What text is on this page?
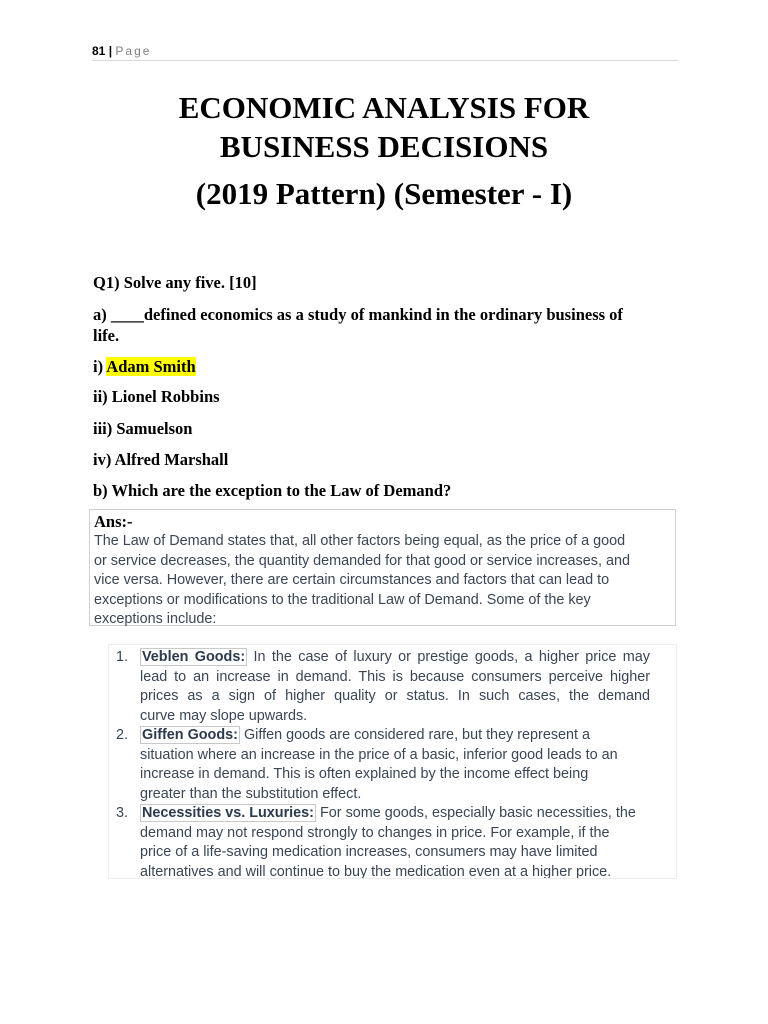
81 | Page
ECONOMIC ANALYSIS FOR
BUSINESS DECISIONS
(2019 Pattern) (Semester - I)
Q1) Solve any five. [10]
a) ____defined economics as a study of mankind in the ordinary business of
life.
i) Adam Smith
ii) Lionel Robbins
iii) Samuelson
iv) Alfred Marshall
b) Which are the exception to the Law of Demand?
Ans:-
The Law of Demand states that, all other factors being equal, as the price of a good
or service decreases, the quantity demanded for that good or service increases, and
vice versa. However, there are certain circumstances and factors that can lead to
exceptions or modifications to the traditional Law of Demand. Some of the key
exceptions include:
1. Veblen Goods: In the case of luxury or prestige goods, a higher price may
lead to an increase in demand. This is because consumers perceive higher
prices as a sign of higher quality or status. In such cases, the demand
curve may slope upwards.
2. Giffen Goods: Giffen goods are considered rare, but they represent a
situation where an increase in the price of a basic, inferior good leads to an
increase in demand. This is often explained by the income effect being
greater than the substitution effect.
3. Necessities vs. Luxuries: For some goods, especially basic necessities, the
demand may not respond strongly to changes in price. For example, if the
price of a life-saving medication increases, consumers may have limited
alternatives and will continue to buy the medication even at a higher price.
